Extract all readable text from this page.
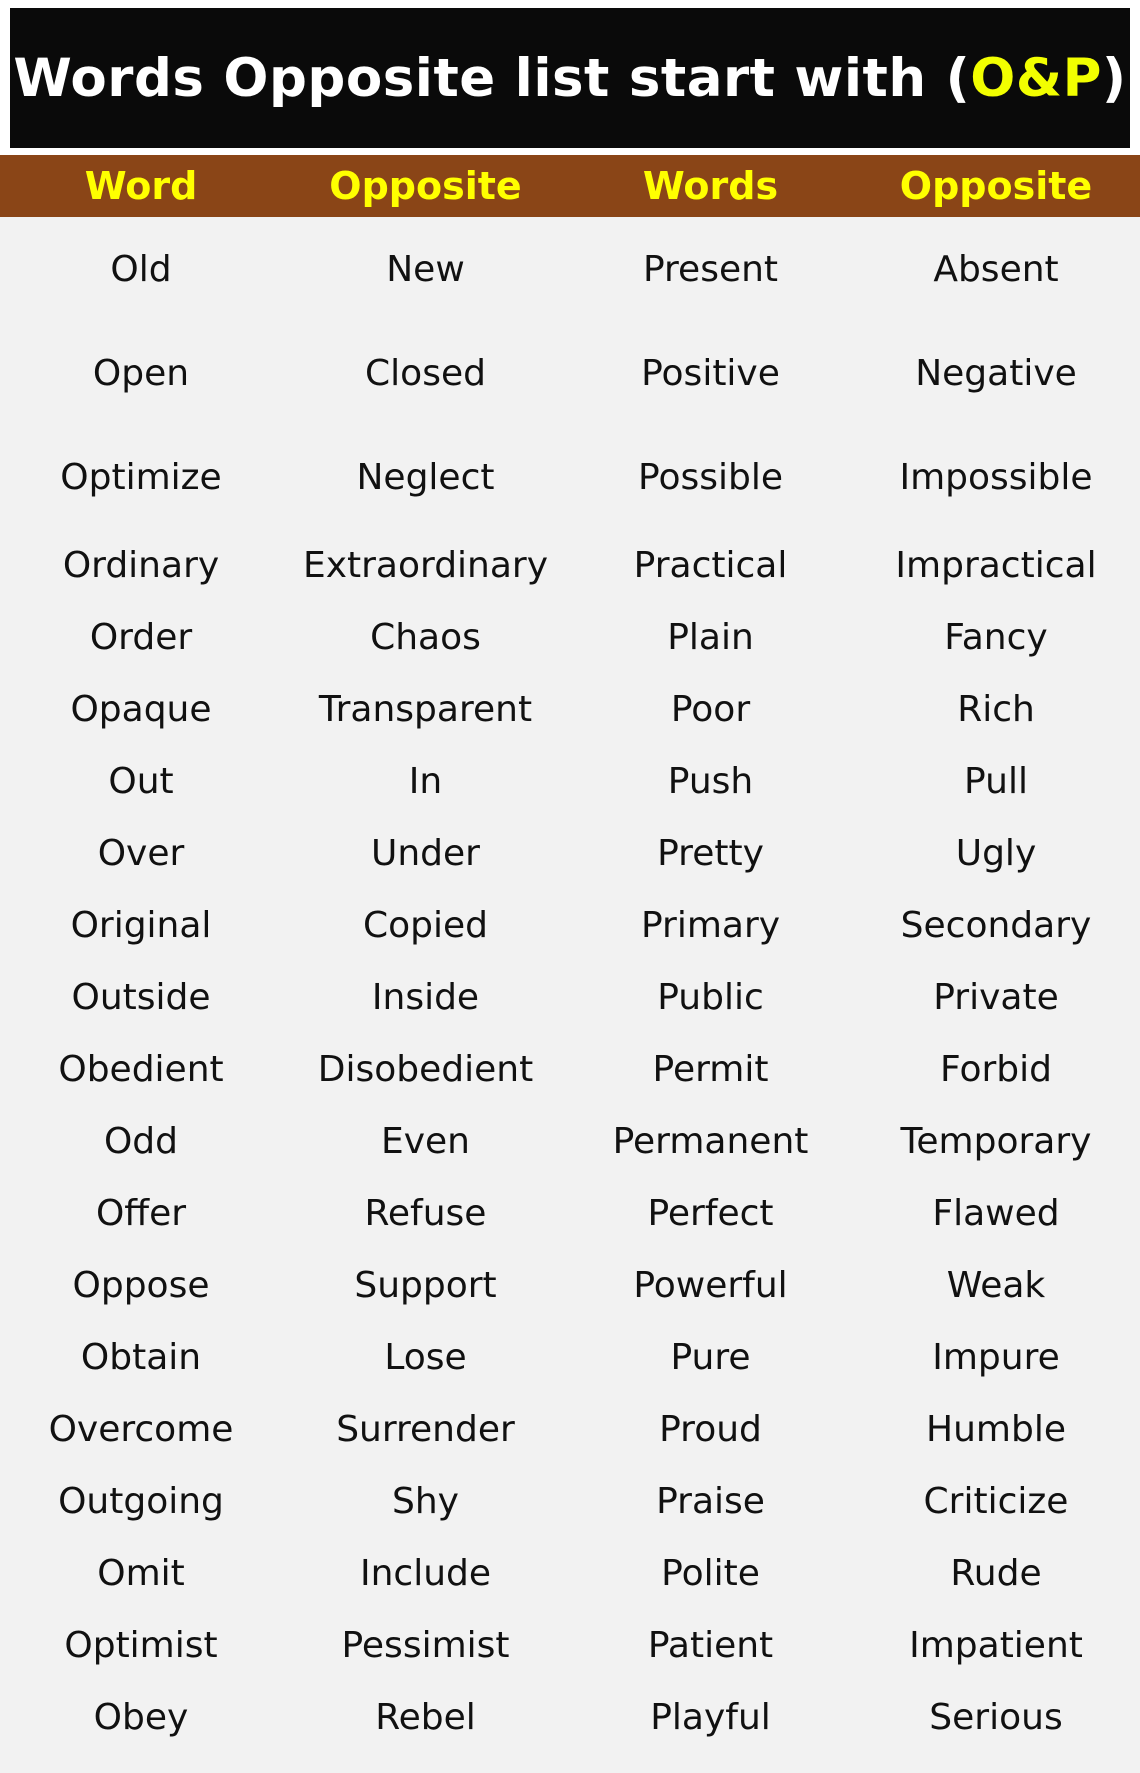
Words Opposite list start with (O&P)
Word	Opposite	Words	Opposite
Old	New	Present	Absent
Open	Closed	Positive	Negative
Optimize	Neglect	Possible	Impossible
Ordinary	Extraordinary	Practical	Impractical
Order	Chaos	Plain	Fancy
Opaque	Transparent	Poor	Rich
Out	In	Push	Pull
Over	Under	Pretty	Ugly
Original	Copied	Primary	Secondary
Outside	Inside	Public	Private
Obedient	Disobedient	Permit	Forbid
Odd	Even	Permanent	Temporary
Offer	Refuse	Perfect	Flawed
Oppose	Support	Powerful	Weak
Obtain	Lose	Pure	Impure
Overcome	Surrender	Proud	Humble
Outgoing	Shy	Praise	Criticize
Omit	Include	Polite	Rude
Optimist	Pessimist	Patient	Impatient
Obey	Rebel	Playful	Serious
